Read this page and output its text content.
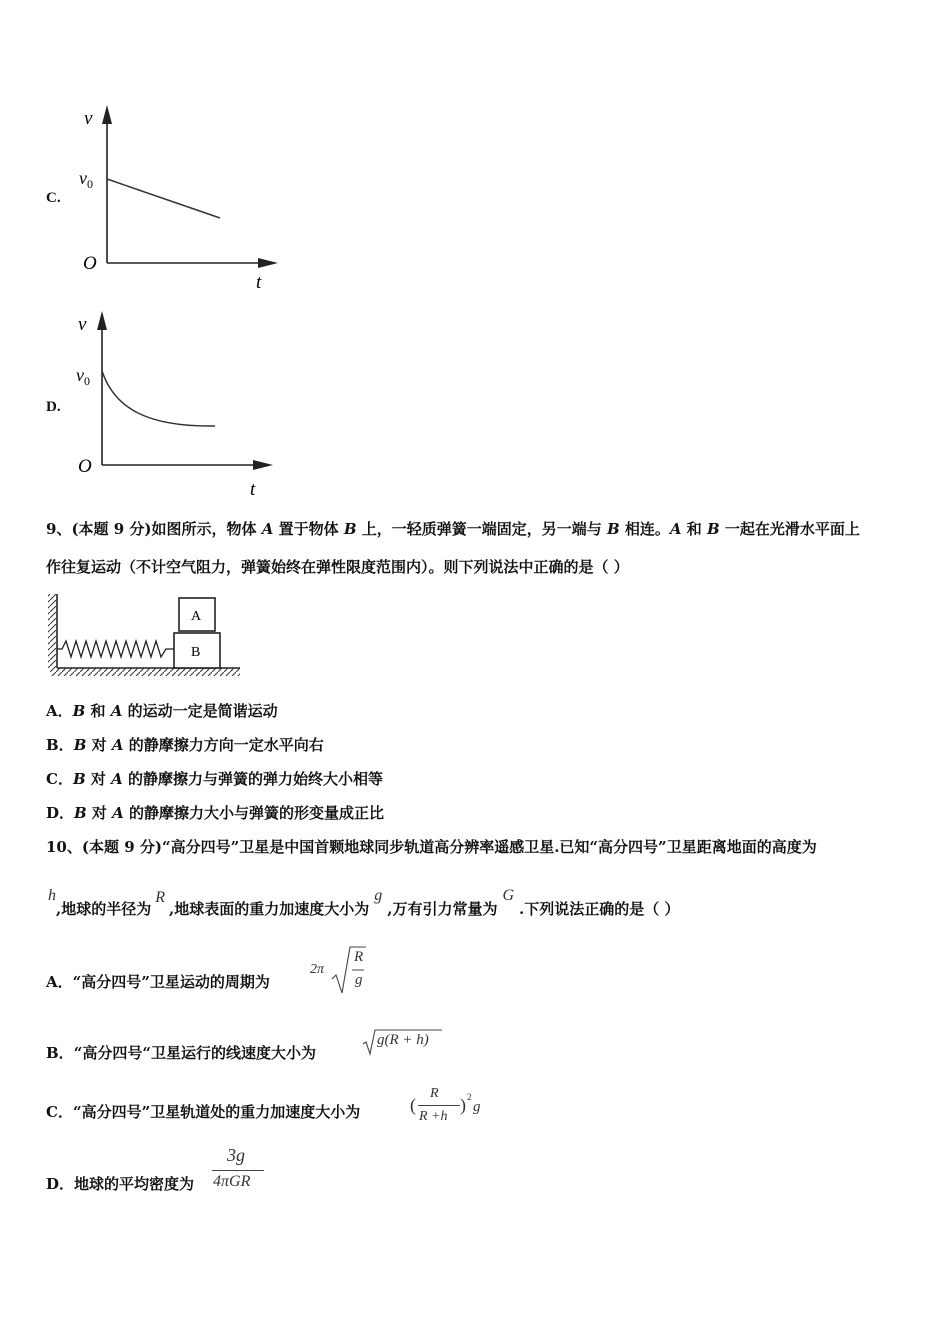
C.
v
$v_0$
O
t
D.
v
$v_0$
O
t
9、(本题 9 分)如图所示，物体 A 置于物体 B 上，一轻质弹簧一端固定，另一端与 B 相连。A 和 B 一起在光滑水平面上
作往复运动（不计空气阻力，弹簧始终在弹性限度范围内）。则下列说法中正确的是（ ）
A
B
A．B 和 A 的运动一定是简谐运动
B．B 对 A 的静摩擦力方向一定水平向右
C．B 对 A 的静摩擦力与弹簧的弹力始终大小相等
D．B 对 A 的静摩擦力大小与弹簧的形变量成正比
10、(本题 9 分)“高分四号”卫星是中国首颗地球同步轨道高分辨率遥感卫星.已知“高分四号”卫星距离地面的高度为
h,地球的半径为R,地球表面的重力加速度大小为g,万有引力常量为G.下列说法正确的是（ ）
A．“高分四号”卫星运动的周期为
2π
R
g
B．“高分四号“卫星运行的线速度大小为
g(R + h)
C．“高分四号”卫星轨道处的重力加速度大小为	(
R
R +h
) 2
g
D．地球的平均密度为
3g
4πGR
